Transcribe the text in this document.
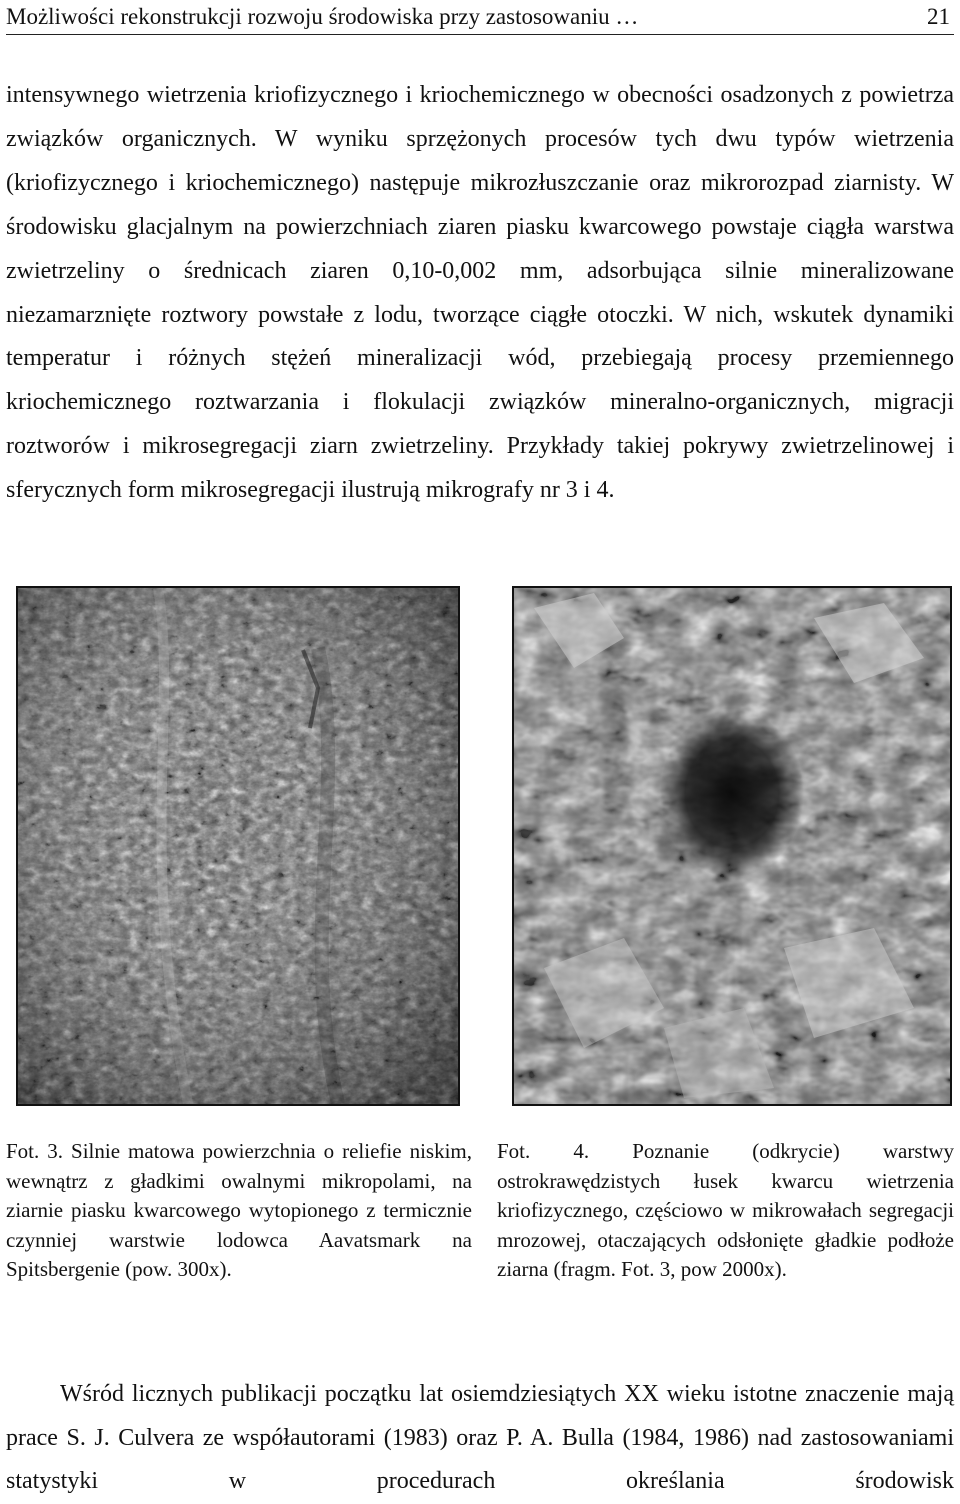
Możliwości rekonstrukcji rozwoju środowiska przy zastosowaniu …	21

intensywnego wietrzenia kriofizycznego i kriochemicznego w obecności osadzonych z powietrza związków organicznych. W wyniku sprzężonych procesów tych dwu typów wietrzenia (kriofizycznego i kriochemicznego) następuje mikrozłuszczanie oraz mikrorozpad ziarnisty. W środowisku glacjalnym na powierzchniach ziaren piasku kwarcowego powstaje ciągła warstwa zwietrzeliny o średnicach ziaren 0,10-0,002 mm, adsorbująca silnie mineralizowane niezamarznięte roztwory powstałe z lodu, tworzące ciągłe otoczki. W nich, wskutek dynamiki temperatur i różnych stężeń mineralizacji wód, przebiegają procesy przemiennego kriochemicznego roztwarzania i flokulacji związków mineralno-organicznych, migracji roztworów i mikrosegregacji ziarn zwietrzeliny. Przykłady takiej pokrywy zwietrzelinowej i sferycznych form mikrosegregacji ilustrują mikrografy nr 3 i 4.

Fot. 3. Silnie matowa powierzchnia o reliefie niskim, wewnątrz z gładkimi owalnymi mikropolami, na ziarnie piasku kwarcowego wytopionego z termicznie czynniej warstwie lodowca Aavatsmark na Spitsbergenie (pow. 300x).

Fot. 4. Poznanie (odkrycie) warstwy ostrokrawędzistych łusek kwarcu wietrzenia kriofizycznego, częściowo w mikrowałach segregacji mrozowej, otaczających odsłonięte gładkie podłoże ziarna (fragm. Fot. 3, pow 2000x).

Wśród licznych publikacji początku lat osiemdziesiątych XX wieku istotne znaczenie mają prace S. J. Culvera ze współautorami (1983) oraz P. A. Bulla (1984, 1986) nad zastosowaniami statystyki w procedurach określania środowisk
